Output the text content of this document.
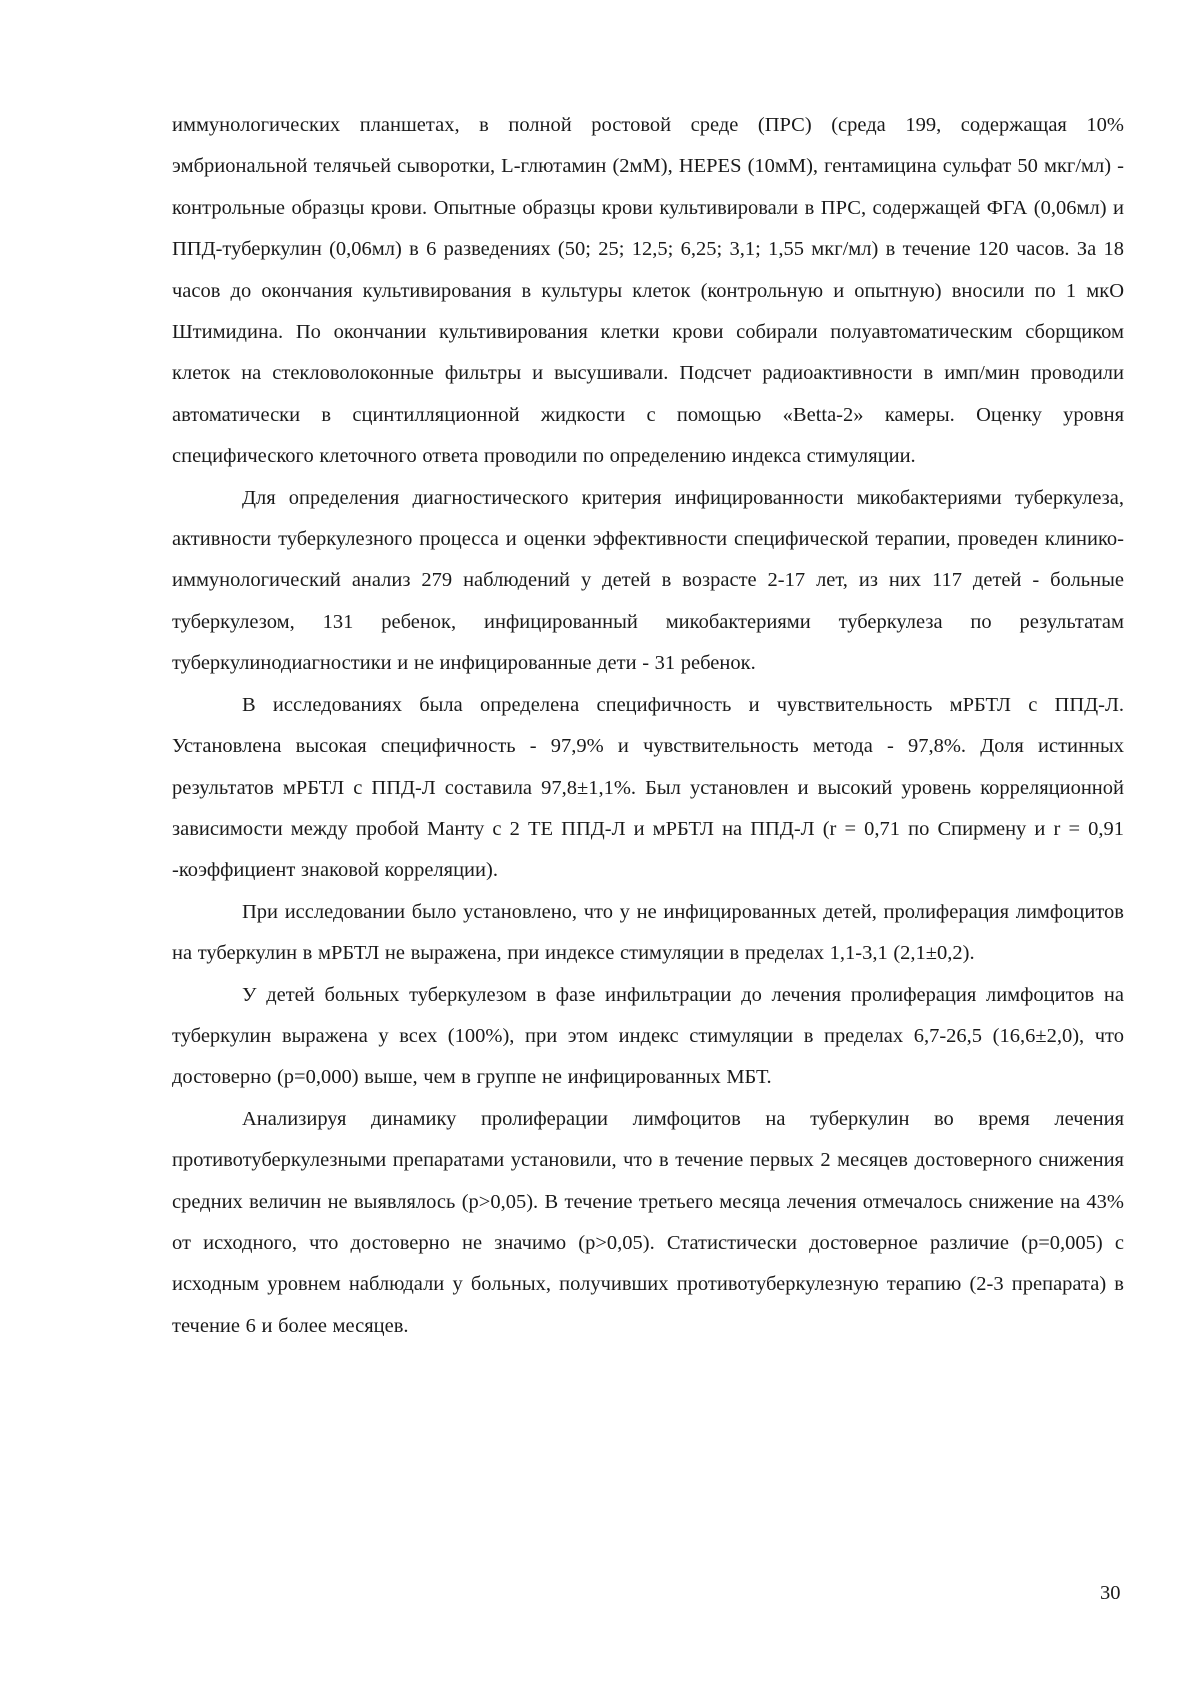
иммунологических планшетах, в полной ростовой среде (ПРС) (среда 199, содержащая 10% эмбриональной телячьей сыворотки, L-глютамин (2мМ), HEPES (10мМ), гентамицина сульфат 50 мкг/мл) - контрольные образцы крови. Опытные образцы крови культивировали в ПРС, содержащей ФГА (0,06мл) и ППД-туберкулин (0,06мл) в 6 разведениях (50; 25; 12,5; 6,25; 3,1; 1,55 мкг/мл) в течение 120 часов. За 18 часов до окончания культивирования в культуры клеток (контрольную и опытную) вносили по 1 мкО Штимидина. По окончании культивирования клетки крови собирали полуавтоматическим сборщиком клеток на стекловолоконные фильтры и высушивали. Подсчет радиоактивности в имп/мин проводили автоматически в сцинтилляционной жидкости с помощью «Betta-2» камеры. Оценку уровня специфического клеточного ответа проводили по определению индекса стимуляции.

Для определения диагностического критерия инфицированности микобактериями туберкулеза, активности туберкулезного процесса и оценки эффективности специфической терапии, проведен клинико-иммунологический анализ 279 наблюдений у детей в возрасте 2-17 лет, из них 117 детей - больные туберкулезом, 131 ребенок, инфицированный микобактериями туберкулеза по результатам туберкулинодиагностики и не инфицированные дети - 31 ребенок.

В исследованиях была определена специфичность и чувствительность мРБТЛ с ППД-Л. Установлена высокая специфичность - 97,9% и чувствительность метода - 97,8%. Доля истинных результатов мРБТЛ с ППД-Л составила 97,8±1,1%. Был установлен и высокий уровень корреляционной зависимости между пробой Манту с 2 ТЕ ППД-Л и мРБТЛ на ППД-Л (r = 0,71 по Спирмену и r = 0,91 -коэффициент знаковой корреляции).

При исследовании было установлено, что у не инфицированных детей, пролиферация лимфоцитов на туберкулин в мРБТЛ не выражена, при индексе стимуляции в пределах 1,1-3,1 (2,1±0,2).

У детей больных туберкулезом в фазе инфильтрации до лечения пролиферация лимфоцитов на туберкулин выражена у всех (100%), при этом индекс стимуляции в пределах 6,7-26,5 (16,6±2,0), что достоверно (p=0,000) выше, чем в группе не инфицированных МБТ.

Анализируя динамику пролиферации лимфоцитов на туберкулин во время лечения противотуберкулезными препаратами установили, что в течение первых 2 месяцев достоверного снижения средних величин не выявлялось (p>0,05). В течение третьего месяца лечения отмечалось снижение на 43% от исходного, что достоверно не значимо (p>0,05). Статистически достоверное различие (p=0,005) с исходным уровнем наблюдали у больных, получивших противотуберкулезную терапию (2-3 препарата) в течение 6 и более месяцев.

30
